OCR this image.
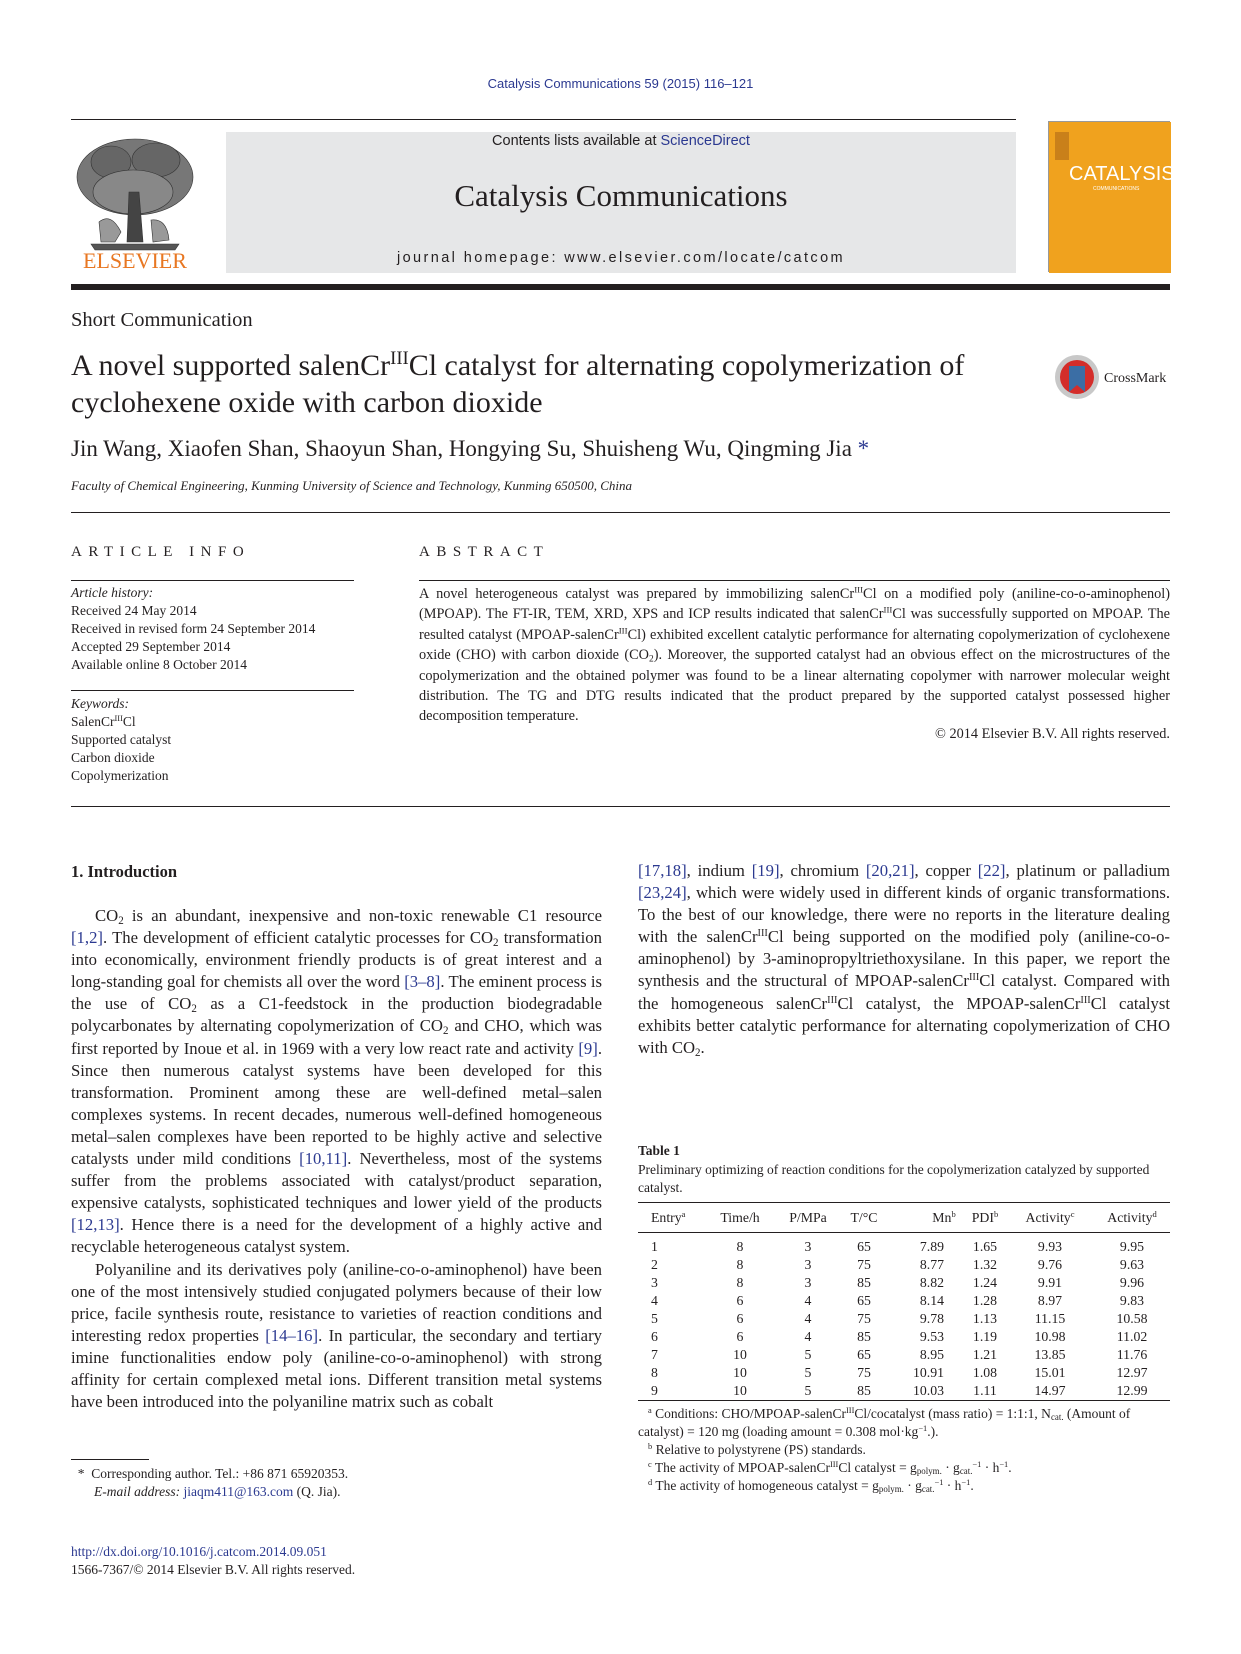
Catalysis Communications 59 (2015) 116–121
ELSEVIER
Contents lists available at ScienceDirect
Catalysis Communications
journal homepage: www.elsevier.com/locate/catcom
CATALYSIS
COMMUNICATIONS
Short Communication
A novel supported salenCr$^{III}$Cl catalyst for alternating copolymerization of cyclohexene oxide with carbon dioxide
CrossMark
Jin Wang, Xiaofen Shan, Shaoyun Shan, Hongying Su, Shuisheng Wu, Qingming Jia *
Faculty of Chemical Engineering, Kunming University of Science and Technology, Kunming 650500, China
ARTICLE INFO	ABSTRACT
Article history:
Received 24 May 2014
Received in revised form 24 September 2014
Accepted 29 September 2014
Available online 8 October 2014
Keywords:
SalenCr$^{III}$Cl
Supported catalyst
Carbon dioxide
Copolymerization
A novel heterogeneous catalyst was prepared by immobilizing salenCr$^{III}$Cl on a modified poly (aniline-co-o-aminophenol) (MPOAP). The FT-IR, TEM, XRD, XPS and ICP results indicated that salenCr$^{III}$Cl was successfully supported on MPOAP. The resulted catalyst (MPOAP-salenCr$^{III}$Cl) exhibited excellent catalytic performance for alternating copolymerization of cyclohexene oxide (CHO) with carbon dioxide $(CO_2)$. Moreover, the supported catalyst had an obvious effect on the microstructures of the copolymerization and the obtained polymer was found to be a linear alternating copolymer with narrower molecular weight distribution. The TG and DTG results indicated that the product prepared by the supported catalyst possessed higher decomposition temperature.
© 2014 Elsevier B.V. All rights reserved.
1. Introduction

$CO_2$ is an abundant, inexpensive and non-toxic renewable C1 resource [1,2]. The development of efficient catalytic processes for $CO_2$ transformation into economically, environment friendly products is of great interest and a long-standing goal for chemists all over the word [3–8]. The eminent process is the use of $CO_2$ as a C1-feedstock in the production biodegradable polycarbonates by alternating copolymerization of $CO_2$ and CHO, which was first reported by Inoue et al. in 1969 with a very low react rate and activity [9]. Since then numerous catalyst systems have been developed for this transformation. Prominent among these are well-defined metal–salen complexes systems. In recent decades, numerous well-defined homogeneous metal–salen complexes have been reported to be highly active and selective catalysts under mild conditions [10,11]. Nevertheless, most of the systems suffer from the problems associated with catalyst/product separation, expensive catalysts, sophisticated techniques and lower yield of the products [12,13]. Hence there is a need for the development of a highly active and recyclable heterogeneous catalyst system.

Polyaniline and its derivatives poly (aniline-co-o-aminophenol) have been one of the most intensively studied conjugated polymers because of their low price, facile synthesis route, resistance to varieties of reaction conditions and interesting redox properties [14–16]. In particular, the secondary and tertiary imine functionalities endow poly (aniline-co-o-aminophenol) with strong affinity for certain complexed metal ions. Different transition metal systems have been introduced into the polyaniline matrix such as cobalt

[17,18], indium [19], chromium [20,21], copper [22], platinum or palladium [23,24], which were widely used in different kinds of organic transformations. To the best of our knowledge, there were no reports in the literature dealing with the salenCr$^{III}$Cl being supported on the modified poly (aniline-co-o-aminophenol) by 3-aminopropyltriethoxysilane. In this paper, we report the synthesis and the structural of MPOAP-salenCr$^{III}$Cl catalyst. Compared with the homogeneous salenCr$^{III}$Cl catalyst, the MPOAP-salenCr$^{III}$Cl catalyst exhibits better catalytic performance for alternating copolymerization of CHO with $CO_2$.

* Corresponding author. Tel.: +86 871 65920353.
E-mail address: jiaqm411@163.com (Q. Jia).
http://dx.doi.org/10.1016/j.catcom.2014.09.051
1566-7367/© 2014 Elsevier B.V. All rights reserved.
Table 1
Preliminary optimizing of reaction conditions for the copolymerization catalyzed by supported catalyst.
Entry$^a$	Time/h	P/MPa	T/°C	Mn$^b$	PDI$^b$	Activity$^c$	Activity$^d$
1	8	3	65	7.89	1.65	9.93	9.95
2	8	3	75	8.77	1.32	9.76	9.63
3	8	3	85	8.82	1.24	9.91	9.96
4	6	4	65	8.14	1.28	8.97	9.83
5	6	4	75	9.78	1.13	11.15	10.58
6	6	4	85	9.53	1.19	10.98	11.02
7	10	5	65	8.95	1.21	13.85	11.76
8	10	5	75	10.91	1.08	15.01	12.97
9	10	5	85	10.03	1.11	14.97	12.99
$^a$ Conditions: CHO/MPOAP-salenCr$^{III}$Cl/cocatalyst (mass ratio) = 1:1:1, $N_{cat.}$ (Amount of catalyst) = 120 mg (loading amount = 0.308 $mol\cdot kg^{-1}$.).
$^b$ Relative to polystyrene (PS) standards.
$^c$ The activity of MPOAP-salenCr$^{III}$Cl catalyst = $g_{polym.} \cdot g_{cat.}^{-1} \cdot h^{-1}$.
$^d$ The activity of homogeneous catalyst = $g_{polym.} \cdot g_{cat.}^{-1} \cdot h^{-1}$.
